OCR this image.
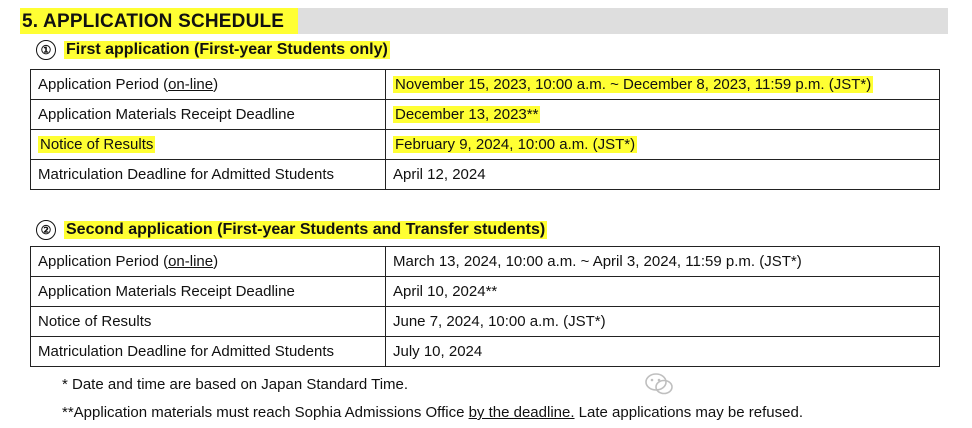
5. APPLICATION SCHEDULE
① First application (First-year Students only)
Application Period (on-line)	November 15, 2023, 10:00 a.m. ~ December 8, 2023, 11:59 p.m. (JST*)
Application Materials Receipt Deadline	December 13, 2023**
Notice of Results	February 9, 2024, 10:00 a.m. (JST*)
Matriculation Deadline for Admitted Students	April 12, 2024
② Second application (First-year Students and Transfer students)
Application Period (on-line)	March 13, 2024, 10:00 a.m. ~ April 3, 2024, 11:59 p.m. (JST*)
Application Materials Receipt Deadline	April 10, 2024**
Notice of Results	June 7, 2024, 10:00 a.m. (JST*)
Matriculation Deadline for Admitted Students	July 10, 2024
* Date and time are based on Japan Standard Time.
**Application materials must reach Sophia Admissions Office by the deadline. Late applications may be refused.
